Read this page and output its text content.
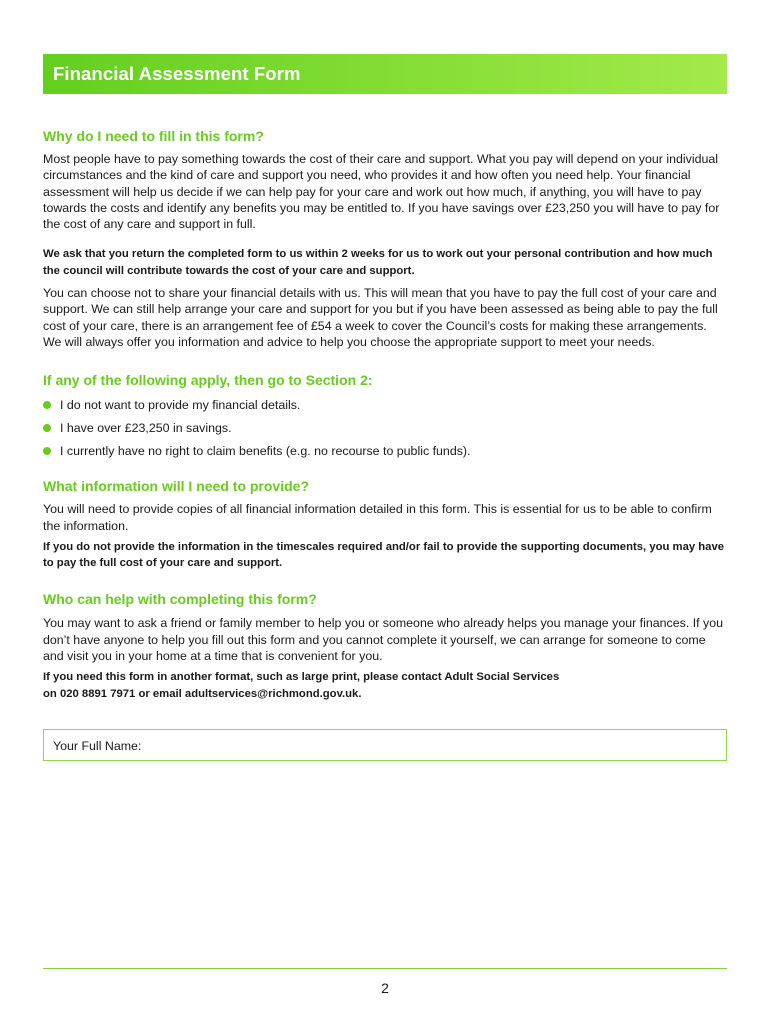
Financial Assessment Form
Why do I need to fill in this form?

Most people have to pay something towards the cost of their care and support. What you pay will depend on your individual circumstances and the kind of care and support you need, who provides it and how often you need help. Your financial assessment will help us decide if we can help pay for your care and work out how much, if anything, you will have to pay towards the costs and identify any benefits you may be entitled to. If you have savings over £23,250 you will have to pay for the cost of any care and support in full.

We ask that you return the completed form to us within 2 weeks for us to work out your personal contribution and how much the council will contribute towards the cost of your care and support.

You can choose not to share your financial details with us. This will mean that you have to pay the full cost of your care and support. We can still help arrange your care and support for you but if you have been assessed as being able to pay the full cost of your care, there is an arrangement fee of £54 a week to cover the Council’s costs for making these arrangements. We will always offer you information and advice to help you choose the appropriate support to meet your needs.

If any of the following apply, then go to Section 2:
I do not want to provide my financial details.
I have over £23,250 in savings.
I currently have no right to claim benefits (e.g. no recourse to public funds).
What information will I need to provide?

You will need to provide copies of all financial information detailed in this form. This is essential for us to be able to confirm the information.

If you do not provide the information in the timescales required and/or fail to provide the supporting documents, you may have to pay the full cost of your care and support.

Who can help with completing this form?

You may want to ask a friend or family member to help you or someone who already helps you manage your finances. If you don’t have anyone to help you fill out this form and you cannot complete it yourself, we can arrange for someone to come and visit you in your home at a time that is convenient for you.

If you need this form in another format, such as large print, please contact Adult Social Services
on 020 8891 7971 or email adultservices@richmond.gov.uk.

Your Full Name:
2
